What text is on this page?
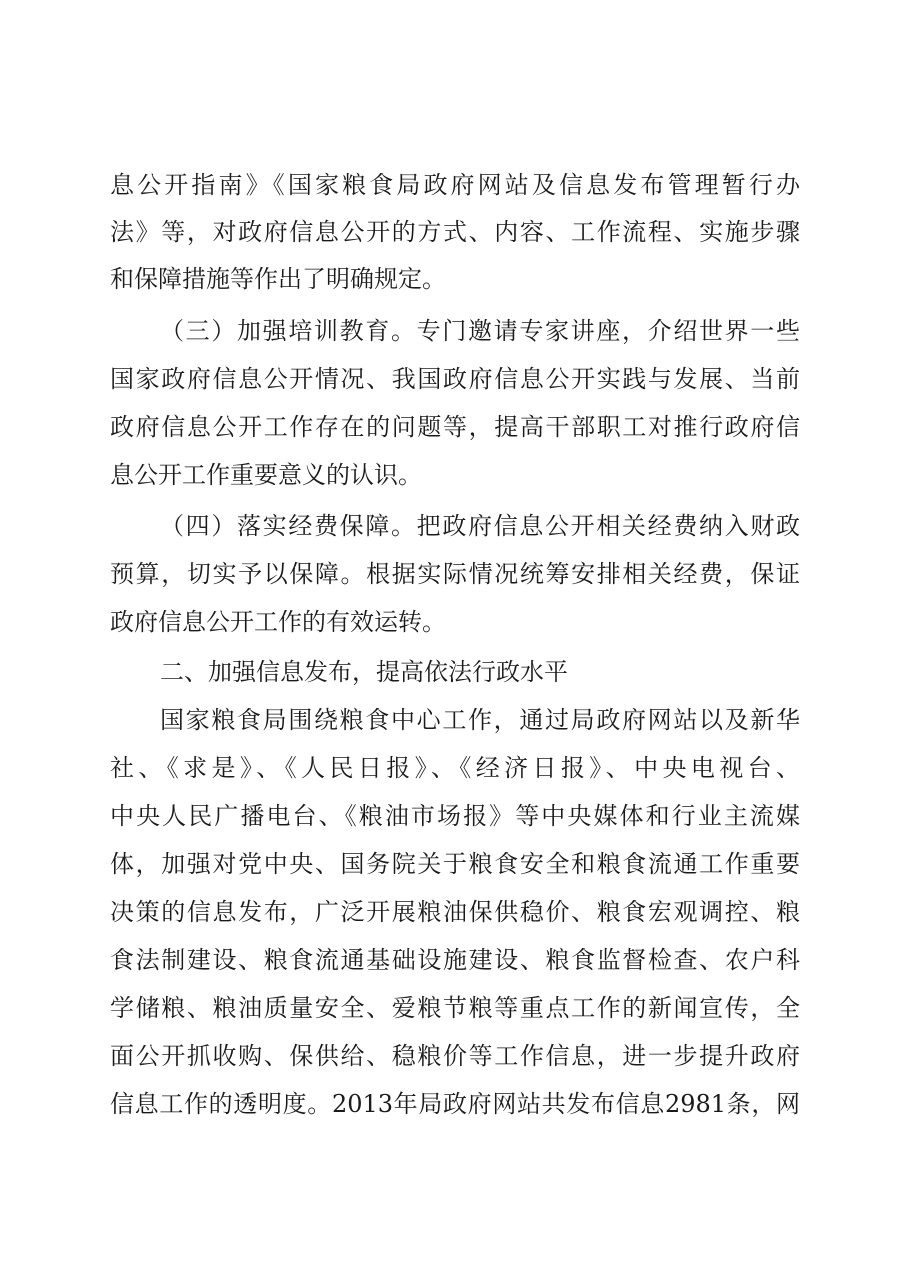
息公开指南》《国家粮食局政府网站及信息发布管理暂行办
法》等，对政府信息公开的方式、内容、工作流程、实施步骤
和保障措施等作出了明确规定。
（三）加强培训教育。专门邀请专家讲座，介绍世界一些
国家政府信息公开情况、我国政府信息公开实践与发展、当前
政府信息公开工作存在的问题等，提高干部职工对推行政府信
息公开工作重要意义的认识。
（四）落实经费保障。把政府信息公开相关经费纳入财政
预算，切实予以保障。根据实际情况统筹安排相关经费，保证
政府信息公开工作的有效运转。
二、加强信息发布，提高依法行政水平
国家粮食局围绕粮食中心工作，通过局政府网站以及新华
社、《求是》、《人民日报》、《经济日报》、中央电视台、
中央人民广播电台、《粮油市场报》等中央媒体和行业主流媒
体，加强对党中央、国务院关于粮食安全和粮食流通工作重要
决策的信息发布，广泛开展粮油保供稳价、粮食宏观调控、粮
食法制建设、粮食流通基础设施建设、粮食监督检查、农户科
学储粮、粮油质量安全、爱粮节粮等重点工作的新闻宣传，全
面公开抓收购、保供给、稳粮价等工作信息，进一步提升政府
信息工作的透明度。2013年局政府网站共发布信息2981条，网
